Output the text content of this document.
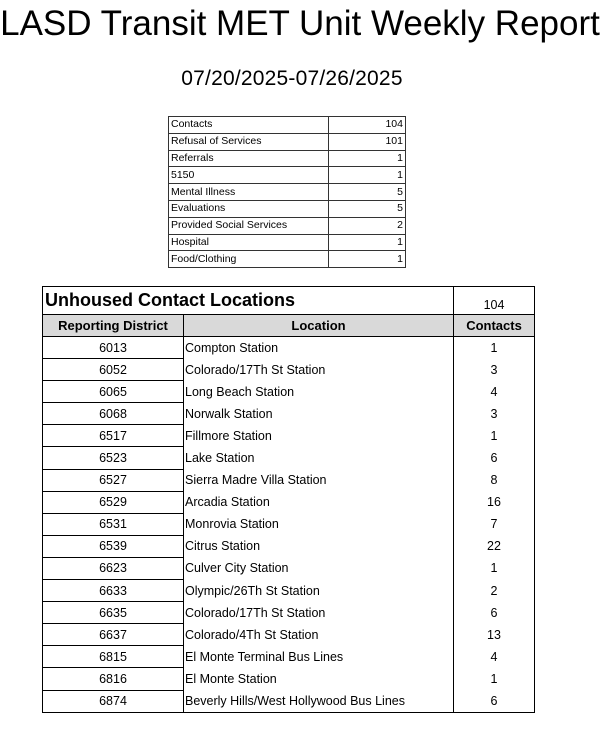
LASD Transit MET Unit Weekly Report
07/20/2025-07/26/2025
Contacts	104
Refusal of Services	101
Referrals	1
5150	1
Mental Illness	5
Evaluations	5
Provided Social Services	2
Hospital	1
Food/Clothing	1
Unhoused Contact Locations		104
Reporting District	Location	Contacts
6013	Compton Station	1
6052	Colorado/17Th St Station	3
6065	Long Beach Station	4
6068	Norwalk Station	3
6517	Fillmore Station	1
6523	Lake Station	6
6527	Sierra Madre Villa Station	8
6529	Arcadia Station	16
6531	Monrovia Station	7
6539	Citrus Station	22
6623	Culver City Station	1
6633	Olympic/26Th St Station	2
6635	Colorado/17Th St Station	6
6637	Colorado/4Th St Station	13
6815	El Monte Terminal Bus Lines	4
6816	El Monte Station	1
6874	Beverly Hills/West Hollywood Bus Lines	6
